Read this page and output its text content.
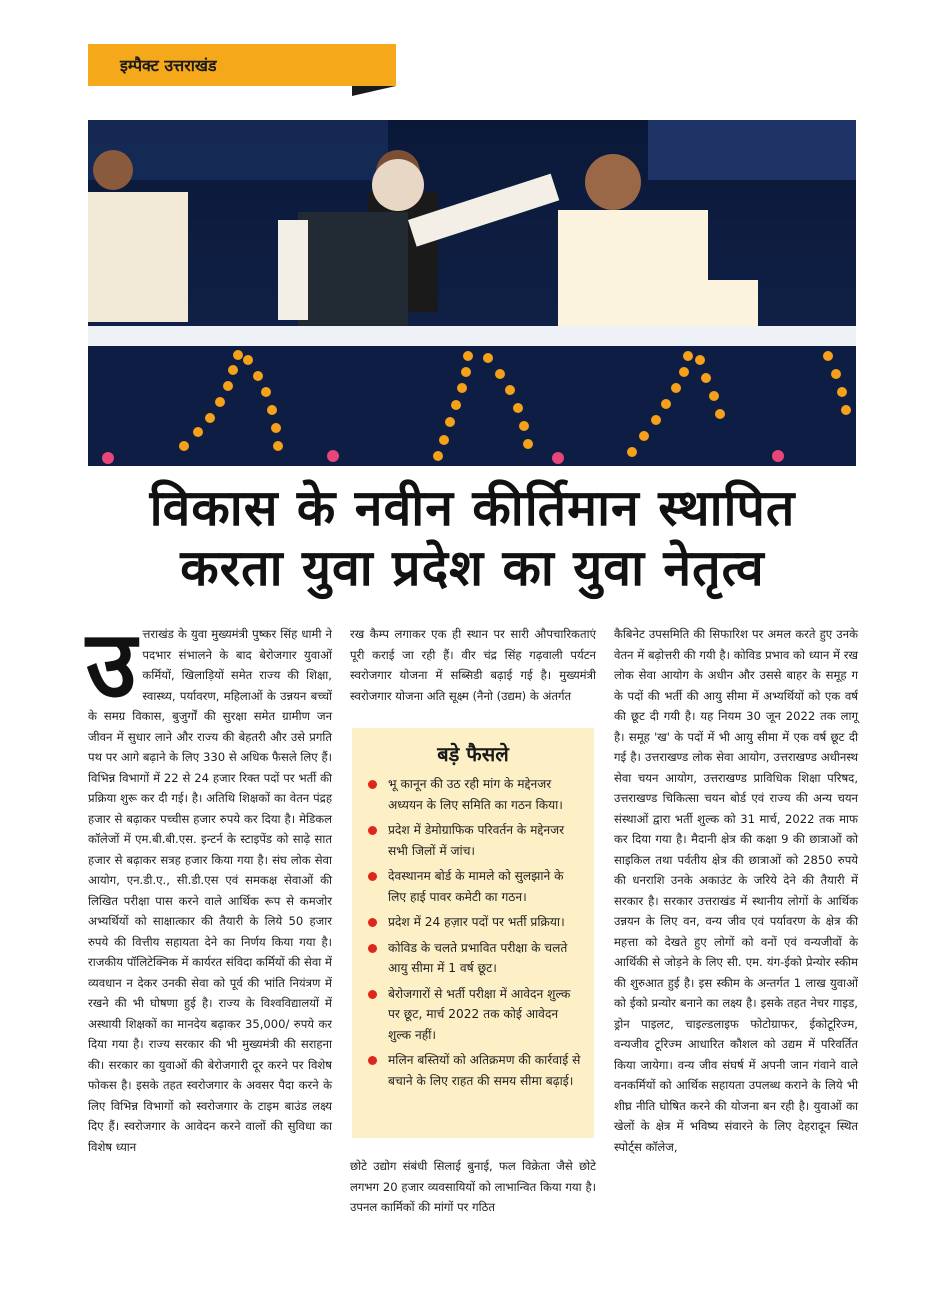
इम्पैक्ट उत्तराखंड
विकास के नवीन कीर्तिमान स्थापित
करता युवा प्रदेश का युवा नेतृत्व
उ त्तराखंड के युवा मुख्यमंत्री पुष्कर सिंह धामी ने पदभार संभालने के बाद बेरोजगार युवाओं कर्मियों, खिलाड़ियों समेत राज्य की शिक्षा, स्वास्थ्य, पर्यावरण, महिलाओं के उन्नयन बच्चों के समग्र विकास, बुजुर्गों की सुरक्षा समेत ग्रामीण जन जीवन में सुधार लाने और राज्य की बेहतरी और उसे प्रगति पथ पर आगे बढ़ाने के लिए 330 से अधिक फैसले लिए हैं। विभिन्न विभागों में 22 से 24 हजार रिक्त पदों पर भर्ती की प्रक्रिया शुरू कर दी गई। है। अतिथि शिक्षकों का वेतन पंद्रह हजार से बढ़ाकर पच्चीस हजार रुपये कर दिया है। मेडिकल कॉलेजों में एम.बी.बी.एस. इन्टर्न के स्टाइपेंड को साढ़े सात हजार से बढ़ाकर सत्रह हजार किया गया है। संघ लोक सेवा आयोग, एन.डी.ए., सी.डी.एस एवं समकक्ष सेवाओं की लिखित परीक्षा पास करने वाले आर्थिक रूप से कमजोर अभ्यर्थियों को साक्षात्कार की तैयारी के लिये 50 हजार रुपये की वित्तीय सहायता देने का निर्णय किया गया है। राजकीय पॉलिटेक्निक में कार्यरत संविदा कर्मियों की सेवा में व्यवधान न देकर उनकी सेवा को पूर्व की भांति नियंत्रण में रखने की भी घोषणा हुई है। राज्य के विश्वविद्यालयों में अस्थायी शिक्षकों का मानदेय बढ़ाकर 35,000/ रुपये कर दिया गया है। राज्य सरकार की भी मुख्यमंत्री की सराहना की। सरकार का युवाओं की बेरोजगारी दूर करने पर विशेष फोकस है। इसके तहत स्वरोजगार के अवसर पैदा करने के लिए विभिन्न विभागों को स्वरोजगार के टाइम बाउंड लक्ष्य दिए हैं। स्वरोजगार के आवेदन करने वालों की सुविधा का विशेष ध्यान

रख कैम्प लगाकर एक ही स्थान पर सारी औपचारिकताएं पूरी कराई जा रही हैं। वीर चंद्र सिंह गढ़वाली पर्यटन स्वरोजगार योजना में सब्सिडी बढ़ाई गई है। मुख्यमंत्री स्वरोजगार योजना अति सूक्ष्म (नैनो (उद्यम) के अंतर्गत

छोटे उद्योग संबंधी सिलाई बुनाई, फल विक्रेता जैसे छोटे लगभग 20 हजार व्यवसायियों को लाभान्वित किया गया है। उपनल कार्मिकों की मांगों पर गठित

बड़े फैसले
भू कानून की उठ रही मांग के मद्देनजर अध्ययन के लिए समिति का गठन किया।
प्रदेश में डेमोग्राफिक परिवर्तन के मद्देनजर सभी जिलों में जांच।
देवस्थानम बोर्ड के मामले को सुलझाने के लिए हाई पावर कमेटी का गठन।
प्रदेश में 24 हज़ार पदों पर भर्ती प्रक्रिया।
कोविड के चलते प्रभावित परीक्षा के चलते आयु सीमा में 1 वर्ष छूट।
बेरोजगारों से भर्ती परीक्षा में आवेदन शुल्क पर छूट, मार्च 2022 तक कोई आवेदन शुल्क नहीं।
मलिन बस्तियों को अतिक्रमण की कार्रवाई से बचाने के लिए राहत की समय सीमा बढ़ाई।

कैबिनेट उपसमिति की सिफारिश पर अमल करते हुए उनके वेतन में बढ़ोत्तरी की गयी है। कोविड प्रभाव को ध्यान में रख लोक सेवा आयोग के अधीन और उससे बाहर के समूह ग के पदों की भर्ती की आयु सीमा में अभ्यर्थियों को एक वर्ष की छूट दी गयी है। यह नियम 30 जून 2022 तक लागू है। समूह 'ख' के पदों में भी आयु सीमा में एक वर्ष छूट दी गई है। उत्तराखण्ड लोक सेवा आयोग, उत्तराखण्ड अधीनस्थ सेवा चयन आयोग, उत्तराखण्ड प्राविधिक शिक्षा परिषद, उत्तराखण्ड चिकित्सा चयन बोर्ड एवं राज्य की अन्य चयन संस्थाओं द्वारा भर्ती शुल्क को 31 मार्च, 2022 तक माफ कर दिया गया है। मैदानी क्षेत्र की कक्षा 9 की छात्राओं को साइकिल तथा पर्वतीय क्षेत्र की छात्राओं को 2850 रुपये की धनराशि उनके अकाउंट के जरिये देने की तैयारी में सरकार है। सरकार उत्तराखंड में स्थानीय लोगों के आर्थिक उन्नयन के लिए वन, वन्य जीव एवं पर्यावरण के क्षेत्र की महत्ता को देखते हुए लोगों को वनों एवं वन्यजीवों के आर्थिकी से जोड़ने के लिए सी. एम. यंग-ईको प्रेन्योर स्कीम की शुरुआत हुई है। इस स्कीम के अन्तर्गत 1 लाख युवाओं को ईको प्रन्योर बनाने का लक्ष्य है। इसके तहत नेचर गाइड, ड्रोन पाइलट, चाइल्डलाइफ फोटोग्राफर, ईकोटूरिज्म, वन्यजीव टूरिज्म आधारित कौशल को उद्यम में परिवर्तित किया जायेगा। वन्य जीव संघर्ष में अपनी जान गंवाने वाले वनकर्मियों को आर्थिक सहायता उपलब्ध कराने के लिये भी शीघ्र नीति घोषित करने की योजना बन रही है। युवाओं का खेलों के क्षेत्र में भविष्य संवारने के लिए देहरादून स्थित स्पोर्ट्स कॉलेज,
